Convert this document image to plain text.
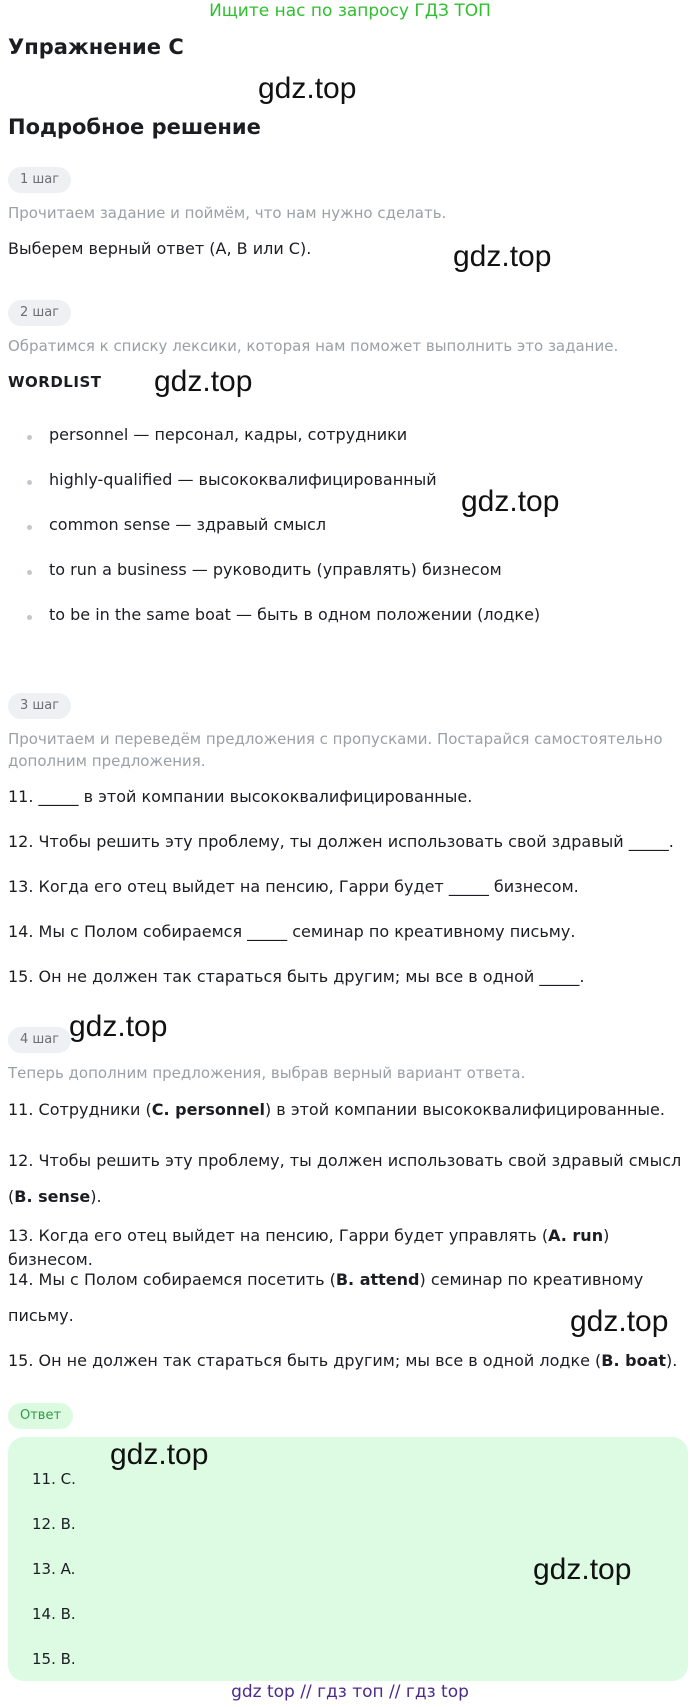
Ищите нас по запросу ГДЗ ТОП
Упражнение C
gdz.top
Подробное решение
1 шаг
Прочитаем задание и поймём, что нам нужно сделать.
Выберем верный ответ (A, B или C).	gdz.top
2 шаг
Обратимся к списку лексики, которая нам поможет выполнить это задание.
WORDLIST gdz.top
personnel — персонал, кадры, сотрудники
highly-qualified — высококвалифицированный
gdz.top
common sense — здравый смысл
to run a business — руководить (управлять) бизнесом
to be in the same boat — быть в одном положении (лодке)
3 шаг
Прочитаем и переведём предложения с пропусками. Постарайся самостоятельно дополним предложения.
11. _____ в этой компании высококвалифицированные.
12. Чтобы решить эту проблему, ты должен использовать свой здравый _____.
13. Когда его отец выйдет на пенсию, Гарри будет _____ бизнесом.
14. Мы с Полом собираемся _____ семинар по креативному письму.
15. Он не должен так стараться быть другим; мы все в одной _____.
4 шаг gdz.top
Теперь дополним предложения, выбрав верный вариант ответа.
11. Сотрудники (C. personnel) в этой компании высококвалифицированные.
12. Чтобы решить эту проблему, ты должен использовать свой здравый смысл (B. sense).
13. Когда его отец выйдет на пенсию, Гарри будет управлять (A. run) бизнесом.
14. Мы с Полом собираемся посетить (B. attend) семинар по креативному письму.	gdz.top
15. Он не должен так стараться быть другим; мы все в одной лодке (B. boat).
Ответ
gdz.top
11. C.
12. B.
13. A.	gdz.top
14. B.
15. B.
gdz top // гдз топ // гдз top
